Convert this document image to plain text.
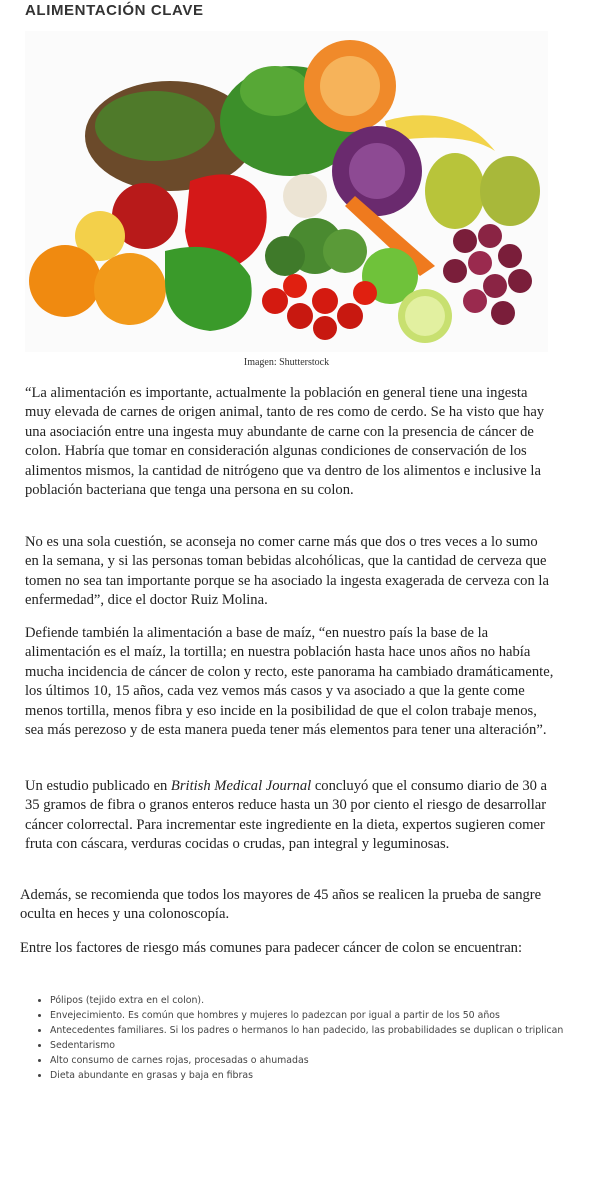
ALIMENTACIÓN CLAVE
Imagen: Shutterstock

“La alimentación es importante, actualmente la población en general tiene una ingesta muy elevada de carnes de origen animal, tanto de res como de cerdo. Se ha visto que hay una asociación entre una ingesta muy abundante de carne con la presencia de cáncer de colon. Habría que tomar en consideración algunas condiciones de conservación de los alimentos mismos, la cantidad de nitrógeno que va dentro de los alimentos e inclusive la población bacteriana que tenga una persona en su colon.

No es una sola cuestión, se aconseja no comer carne más que dos o tres veces a lo sumo en la semana, y si las personas toman bebidas alcohólicas, que la cantidad de cerveza que tomen no sea tan importante porque se ha asociado la ingesta exagerada de cerveza con la enfermedad”, dice el doctor Ruiz Molina.

Defiende también la alimentación a base de maíz, “en nuestro país la base de la alimentación es el maíz, la tortilla; en nuestra población hasta hace unos años no había mucha incidencia de cáncer de colon y recto, este panorama ha cambiado dramáticamente, los últimos 10, 15 años, cada vez vemos más casos y va asociado a que la gente come menos tortilla, menos fibra y eso incide en la posibilidad de que el colon trabaje menos, sea más perezoso y de esta manera pueda tener más elementos para tener una alteración”.

Un estudio publicado en British Medical Journal concluyó que el consumo diario de 30 a 35 gramos de fibra o granos enteros reduce hasta un 30 por ciento el riesgo de desarrollar cáncer colorrectal. Para incrementar este ingrediente en la dieta, expertos sugieren comer fruta con cáscara, verduras cocidas o crudas, pan integral y leguminosas.

Además, se recomienda que todos los mayores de 45 años se realicen la prueba de sangre oculta en heces y una colonoscopía.

Entre los factores de riesgo más comunes para padecer cáncer de colon se encuentran:

• Pólipos (tejido extra en el colon).
• Envejecimiento. Es común que hombres y mujeres lo padezcan por igual a partir de los 50 años
• Antecedentes familiares. Si los padres o hermanos lo han padecido, las probabilidades se duplican o triplican
• Sedentarismo
• Alto consumo de carnes rojas, procesadas o ahumadas
• Dieta abundante en grasas y baja en fibras
